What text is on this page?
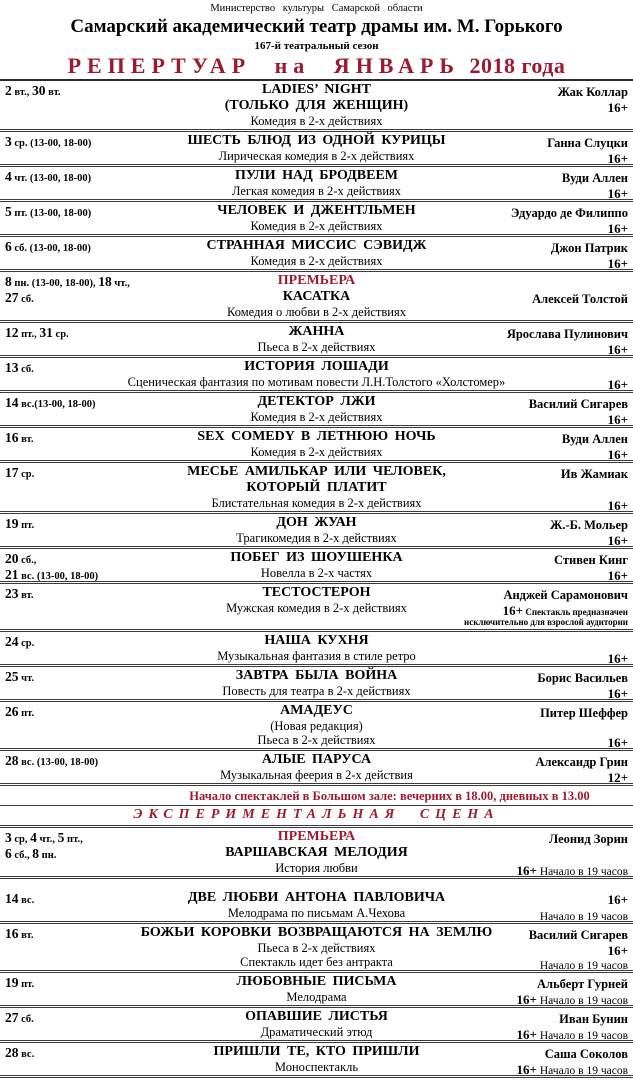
Министерство культуры Самарской области
Самарский академический театр драмы им. М. Горького
167-й театральный сезон
РЕПЕРТУАР на ЯНВАРЬ 2018 года
LADIES’ NIGHT
2 вт., 30 вт.	Жак Коллар
(ТОЛЬКО ДЛЯ ЖЕНЩИН)	16+
Комедия в 2-х действиях
ШЕСТЬ БЛЮД ИЗ ОДНОЙ КУРИЦЫ
3 ср. (13-00, 18-00)	Ганна Слуцки
Лирическая комедия в 2-х действиях	16+
ПУЛИ НАД БРОДВЕЕМ
4 чт. (13-00, 18-00)	Вуди Аллен
Легкая комедия в 2-х действиях	16+
ЧЕЛОВЕК И ДЖЕНТЛЬМЕН
5 пт. (13-00, 18-00)	Эдуардо де Филиппо
Комедия в 2-х действиях	16+
СТРАННАЯ МИССИС СЭВИДЖ
6 сб. (13-00, 18-00)	Джон Патрик
Комедия в 2-х действиях	16+
ПРЕМЬЕРА
8 пн. (13-00, 18-00), 18 чт.,
КАСАТКА
27 сб.	Алексей Толстой
Комедия о любви в 2-х действиях
ЖАННА
12 пт., 31 ср.	Ярослава Пулинович
Пьеса в 2-х действиях	16+
ИСТОРИЯ ЛОШАДИ
13 сб.
Сценическая фантазия по мотивам повести Л.Н.Толстого «Холстомер»	16+
ДЕТЕКТОР ЛЖИ
14 вс.(13-00, 18-00)	Василий Сигарев
Комедия в 2-х действиях	16+
SEX COMEDY В ЛЕТНЮЮ НОЧЬ
16 вт.	Вуди Аллен
Комедия в 2-х действиях	16+
МЕСЬЕ АМИЛЬКАР ИЛИ ЧЕЛОВЕК,
17 ср.	Ив Жамиак
КОТОРЫЙ ПЛАТИТ
Блистательная комедия в 2-х действиях	16+
ДОН ЖУАН
19 пт.	Ж.-Б. Мольер
Трагикомедия в 2-х действиях	16+
ПОБЕГ ИЗ ШОУШЕНКА
20 сб.,	Стивен Кинг
Новелла в 2-х частях
21 вс. (13-00, 18-00)	16+
ТЕСТОСТЕРОН
23 вт.	Анджей Сарамонович
Мужская комедия в 2-х действиях	16+ Спектакль предназначен
исключительно для взрослой аудитории
НАША КУХНЯ
24 ср.
Музыкальная фантазия в стиле ретро	16+
ЗАВТРА БЫЛА ВОЙНА
25 чт.	Борис Васильев
Повесть для театра в 2-х действиях	16+
АМАДЕУС
26 пт.	Питер Шеффер
(Новая редакция)
Пьеса в 2-х действиях	16+
АЛЫЕ ПАРУСА
28 вс. (13-00, 18-00)	Александр Грин
Музыкальная феерия в 2-х действия	12+
Начало спектаклей в Большом зале: вечерних в 18.00, дневных в 13.00
ЭКСПЕРИМЕНТАЛЬНАЯ СЦЕНА
ПРЕМЬЕРА
3 ср, 4 чт., 5 пт.,	Леонид Зорин
ВАРШАВСКАЯ МЕЛОДИЯ
6 сб., 8 пн.
История любви	16+ Начало в 19 часов
ДВЕ ЛЮБВИ АНТОНА ПАВЛОВИЧА
14 вс.	16+
Мелодрама по письмам А.Чехова	Начало в 19 часов
БОЖЬИ КОРОВКИ ВОЗВРАЩАЮТСЯ НА ЗЕМЛЮ
16 вт.	Василий Сигарев
Пьеса в 2-х действиях	16+
Спектакль идет без антракта	Начало в 19 часов
ЛЮБОВНЫЕ ПИСЬМА
19 пт.	Альберт Гурней
Мелодрама	16+ Начало в 19 часов
ОПАВШИЕ ЛИСТЬЯ
27 сб.	Иван Бунин
Драматический этюд	16+ Начало в 19 часов
ПРИШЛИ ТЕ, КТО ПРИШЛИ
28 вс.	Саша Соколов
Моноспектакль	16+ Начало в 19 часов
